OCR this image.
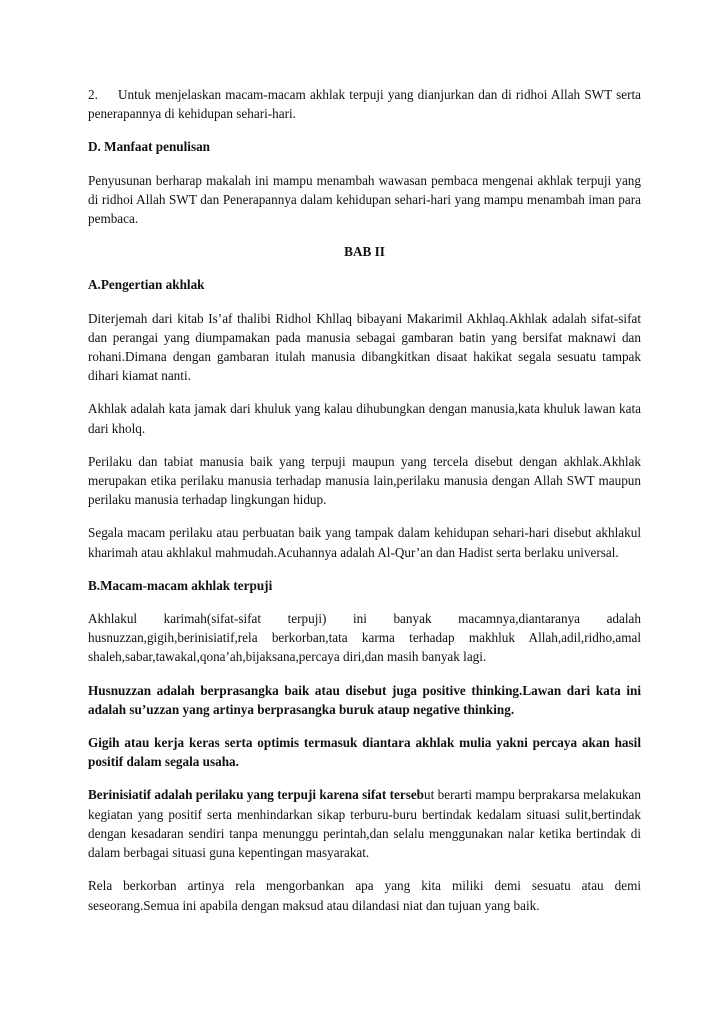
2. Untuk menjelaskan macam-macam akhlak terpuji yang dianjurkan dan di ridhoi Allah SWT serta penerapannya di kehidupan sehari-hari.

D. Manfaat penulisan

Penyusunan berharap makalah ini mampu menambah wawasan pembaca mengenai akhlak terpuji yang di ridhoi Allah SWT dan Penerapannya dalam kehidupan sehari-hari yang mampu menambah iman para pembaca.

BAB II

A.Pengertian akhlak

Diterjemah dari kitab Is’af thalibi Ridhol Khllaq bibayani Makarimil Akhlaq.Akhlak adalah sifat-sifat dan perangai yang diumpamakan pada manusia sebagai gambaran batin yang bersifat maknawi dan rohani.Dimana dengan gambaran itulah manusia dibangkitkan disaat hakikat segala sesuatu tampak dihari kiamat nanti.

Akhlak adalah kata jamak dari khuluk yang kalau dihubungkan dengan manusia,kata khuluk lawan kata dari kholq.

Perilaku dan tabiat manusia baik yang terpuji maupun yang tercela disebut dengan akhlak.Akhlak merupakan etika perilaku manusia terhadap manusia lain,perilaku manusia dengan Allah SWT maupun perilaku manusia terhadap lingkungan hidup.

Segala macam perilaku atau perbuatan baik yang tampak dalam kehidupan sehari-hari disebut akhlakul kharimah atau akhlakul mahmudah.Acuhannya adalah Al-Qur’an dan Hadist serta berlaku universal.

B.Macam-macam akhlak terpuji

Akhlakul karimah(sifat-sifat terpuji) ini banyak macamnya,diantaranya adalah husnuzzan,gigih,berinisiatif,rela berkorban,tata karma terhadap makhluk Allah,adil,ridho,amal shaleh,sabar,tawakal,qona’ah,bijaksana,percaya diri,dan masih banyak lagi.

Husnuzzan adalah berprasangka baik atau disebut juga positive thinking.Lawan dari kata ini adalah su’uzzan yang artinya berprasangka buruk ataup negative thinking.

Gigih atau kerja keras serta optimis termasuk diantara akhlak mulia yakni percaya akan hasil positif dalam segala usaha.

Berinisiatif adalah perilaku yang terpuji karena sifat tersebut berarti mampu berprakarsa melakukan kegiatan yang positif serta menhindarkan sikap terburu-buru bertindak kedalam situasi sulit,bertindak dengan kesadaran sendiri tanpa menunggu perintah,dan selalu menggunakan nalar ketika bertindak di dalam berbagai situasi guna kepentingan masyarakat.

Rela berkorban artinya rela mengorbankan apa yang kita miliki demi sesuatu atau demi seseorang.Semua ini apabila dengan maksud atau dilandasi niat dan tujuan yang baik.
